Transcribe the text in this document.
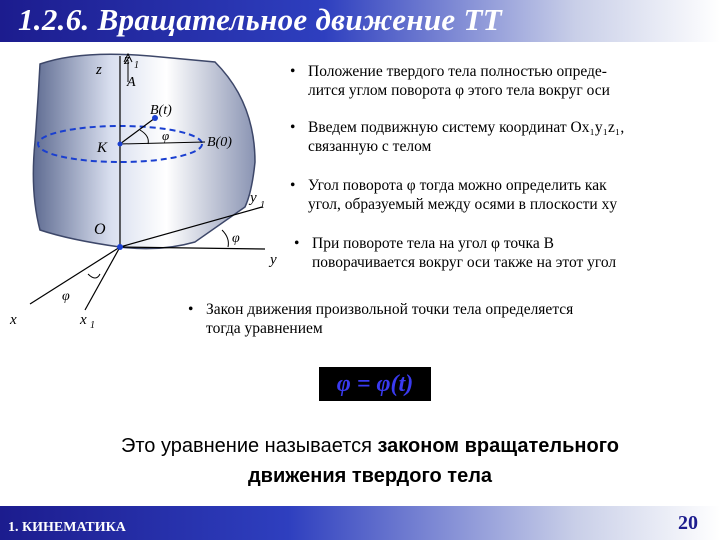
1.2.6. Вращательное движение ТТ
z
z 1
A
B(t)
φ
K	B(0)
y 1
O
φ
y
φ
x	x 1
• Положение твердого тела полностью опреде-
лится углом поворота φ этого тела вокруг оси
• Введем подвижную систему координат Ox₁y₁z₁,
связанную с телом
• Угол поворота φ тогда можно определить как
угол, образуемый между осями в плоскости xy
• При повороте тела на угол φ точка B
поворачивается вокруг оси также на этот угол
• Закон движения произвольной точки тела определяется
тогда уравнением
φ = φ(t)
Это уравнение называется законом вращательного
движения твердого тела
1. КИНЕМАТИКА	20
